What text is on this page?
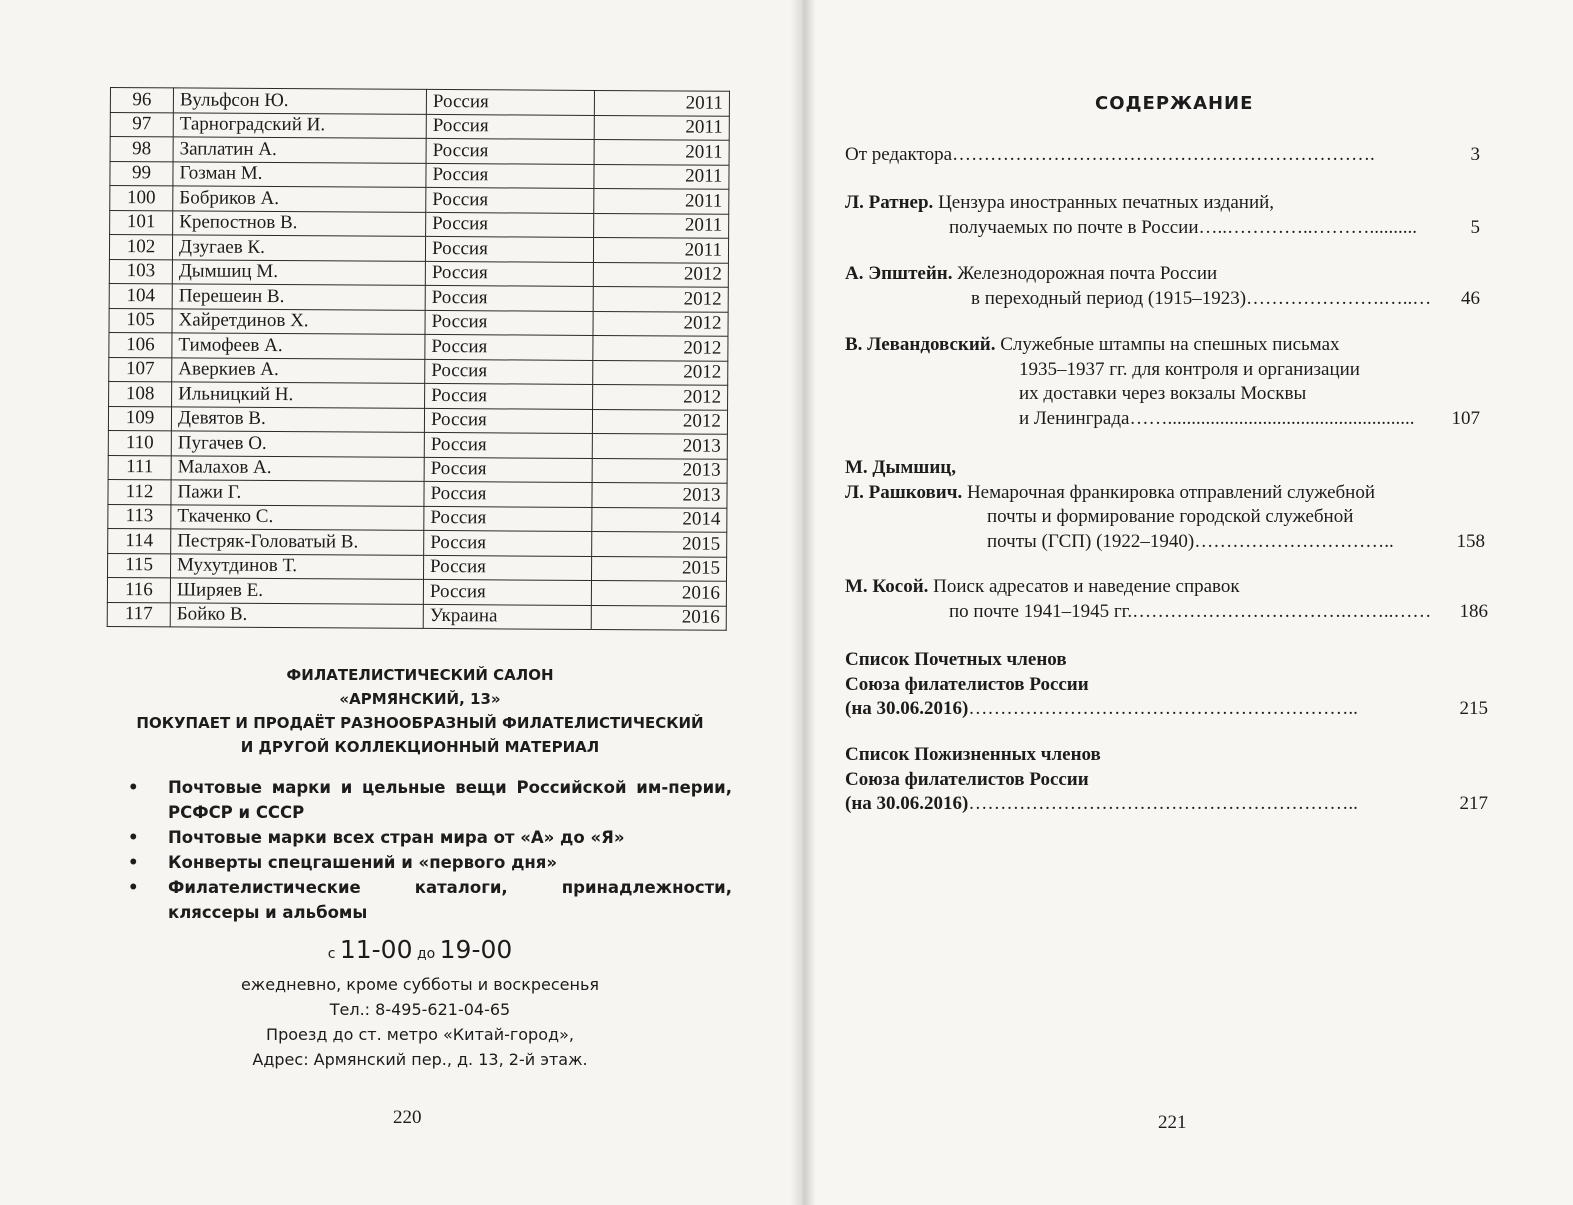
96	Вульфсон Ю.	Россия	2011
97	Тарноградский И.	Россия	2011
98	Заплатин А.	Россия	2011
99	Гозман М.	Россия	2011
100	Бобриков А.	Россия	2011
101	Крепостнов В.	Россия	2011
102	Дзугаев К.	Россия	2011
103	Дымшиц М.	Россия	2012
104	Перешеин В.	Россия	2012
105	Хайретдинов Х.	Россия	2012
106	Тимофеев А.	Россия	2012
107	Аверкиев А.	Россия	2012
108	Ильницкий Н.	Россия	2012
109	Девятов В.	Россия	2012
110	Пугачев О.	Россия	2013
111	Малахов А.	Россия	2013
112	Пажи Г.	Россия	2013
113	Ткаченко С.	Россия	2014
114	Пестряк-Головатый В.	Россия	2015
115	Мухутдинов Т.	Россия	2015
116	Ширяев Е.	Россия	2016
117	Бойко В.	Украина	2016
ФИЛАТЕЛИСТИЧЕСКИЙ САЛОН
«АРМЯНСКИЙ, 13»
ПОКУПАЕТ И ПРОДАЁТ РАЗНООБРАЗНЫЙ ФИЛАТЕЛИСТИЧЕСКИЙ
И ДРУГОЙ КОЛЛЕКЦИОННЫЙ МАТЕРИАЛ
• Почтовые марки и цельные вещи Российской им-перии, РСФСР и СССР
• Почтовые марки всех стран мира от «А» до «Я»
• Конверты спецгашений и «первого дня»
• Филателистические каталоги, принадлежности, кляссеры и альбомы
с 11-00 до 19-00
ежедневно, кроме субботы и воскресенья
Тел.: 8-495-621-04-65
Проезд до ст. метро «Китай-город»,
Адрес: Армянский пер., д. 13, 2-й этаж.
220
СОДЕРЖАНИЕ
От редактора………………………………………………………….	3
Л. Ратнер. Цензура иностранных печатных изданий,
получаемых по почте в России…..…………..………..........	5
А. Эпштейн. Железнодорожная почта России
в переходный период (1915–1923)………………….…..… 46
В. Левандовский. Служебные штампы на спешных письмах
1935–1937 гг. для контроля и организации
их доставки через вокзалы Москвы
и Ленинграда…….................................................... 107
М. Дымшиц,
Л. Рашкович. Немарочная франкировка отправлений служебной
почты и формирование городской служебной
почты (ГСП) (1922–1940)…………………………..	158
М. Косой. Поиск адресатов и наведение справок
по почте 1941–1945 гг.…………………………….……..…… 186
Список Почетных членов
Союза филателистов России
(на 30.06.2016)……………………………………………………..	215
Список Пожизненных членов
Союза филателистов России
(на 30.06.2016)……………………………………………………..	217
221
